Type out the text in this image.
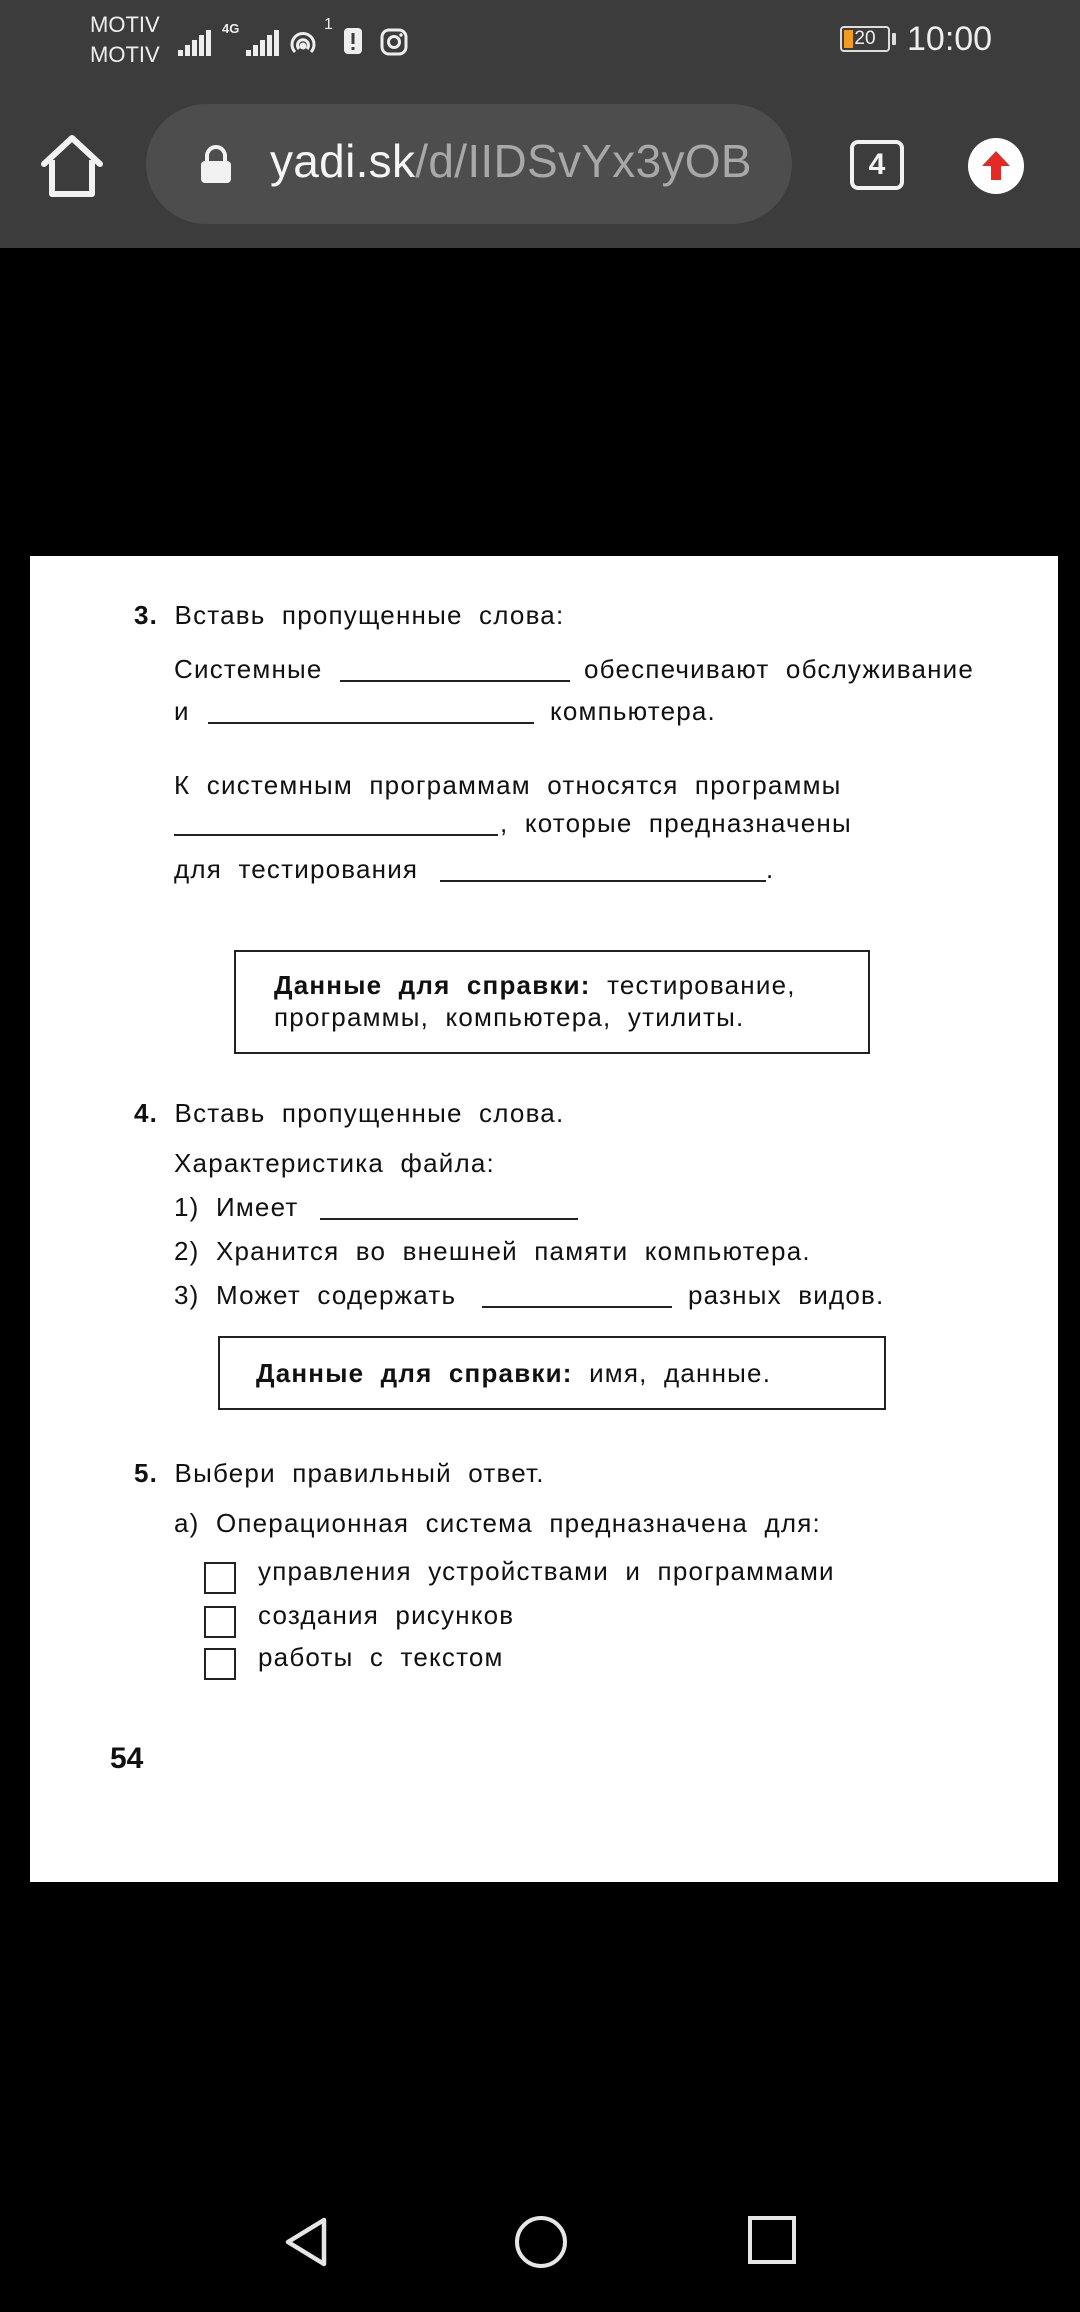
MOTIV
MOTIV
4G	1
20 10:00
yadi.sk/d/IIDSvYx3yOB	4
3. Вставь пропущенные слова:
Системные	обеспечивают обслуживание
и	компьютера.
К системным программам относятся программы
, которые предназначены
для тестирования	.
Данные для справки: тестирование,
программы, компьютера, утилиты.
4. Вставь пропущенные слова.
Характеристика файла:
1) Имеет
2) Хранится во внешней памяти компьютера.
3) Может содержать	разных видов.
Данные для справки: имя, данные.
5. Выбери правильный ответ.
а) Операционная система предназначена для:
управления устройствами и программами
создания рисунков
работы с текстом
54
